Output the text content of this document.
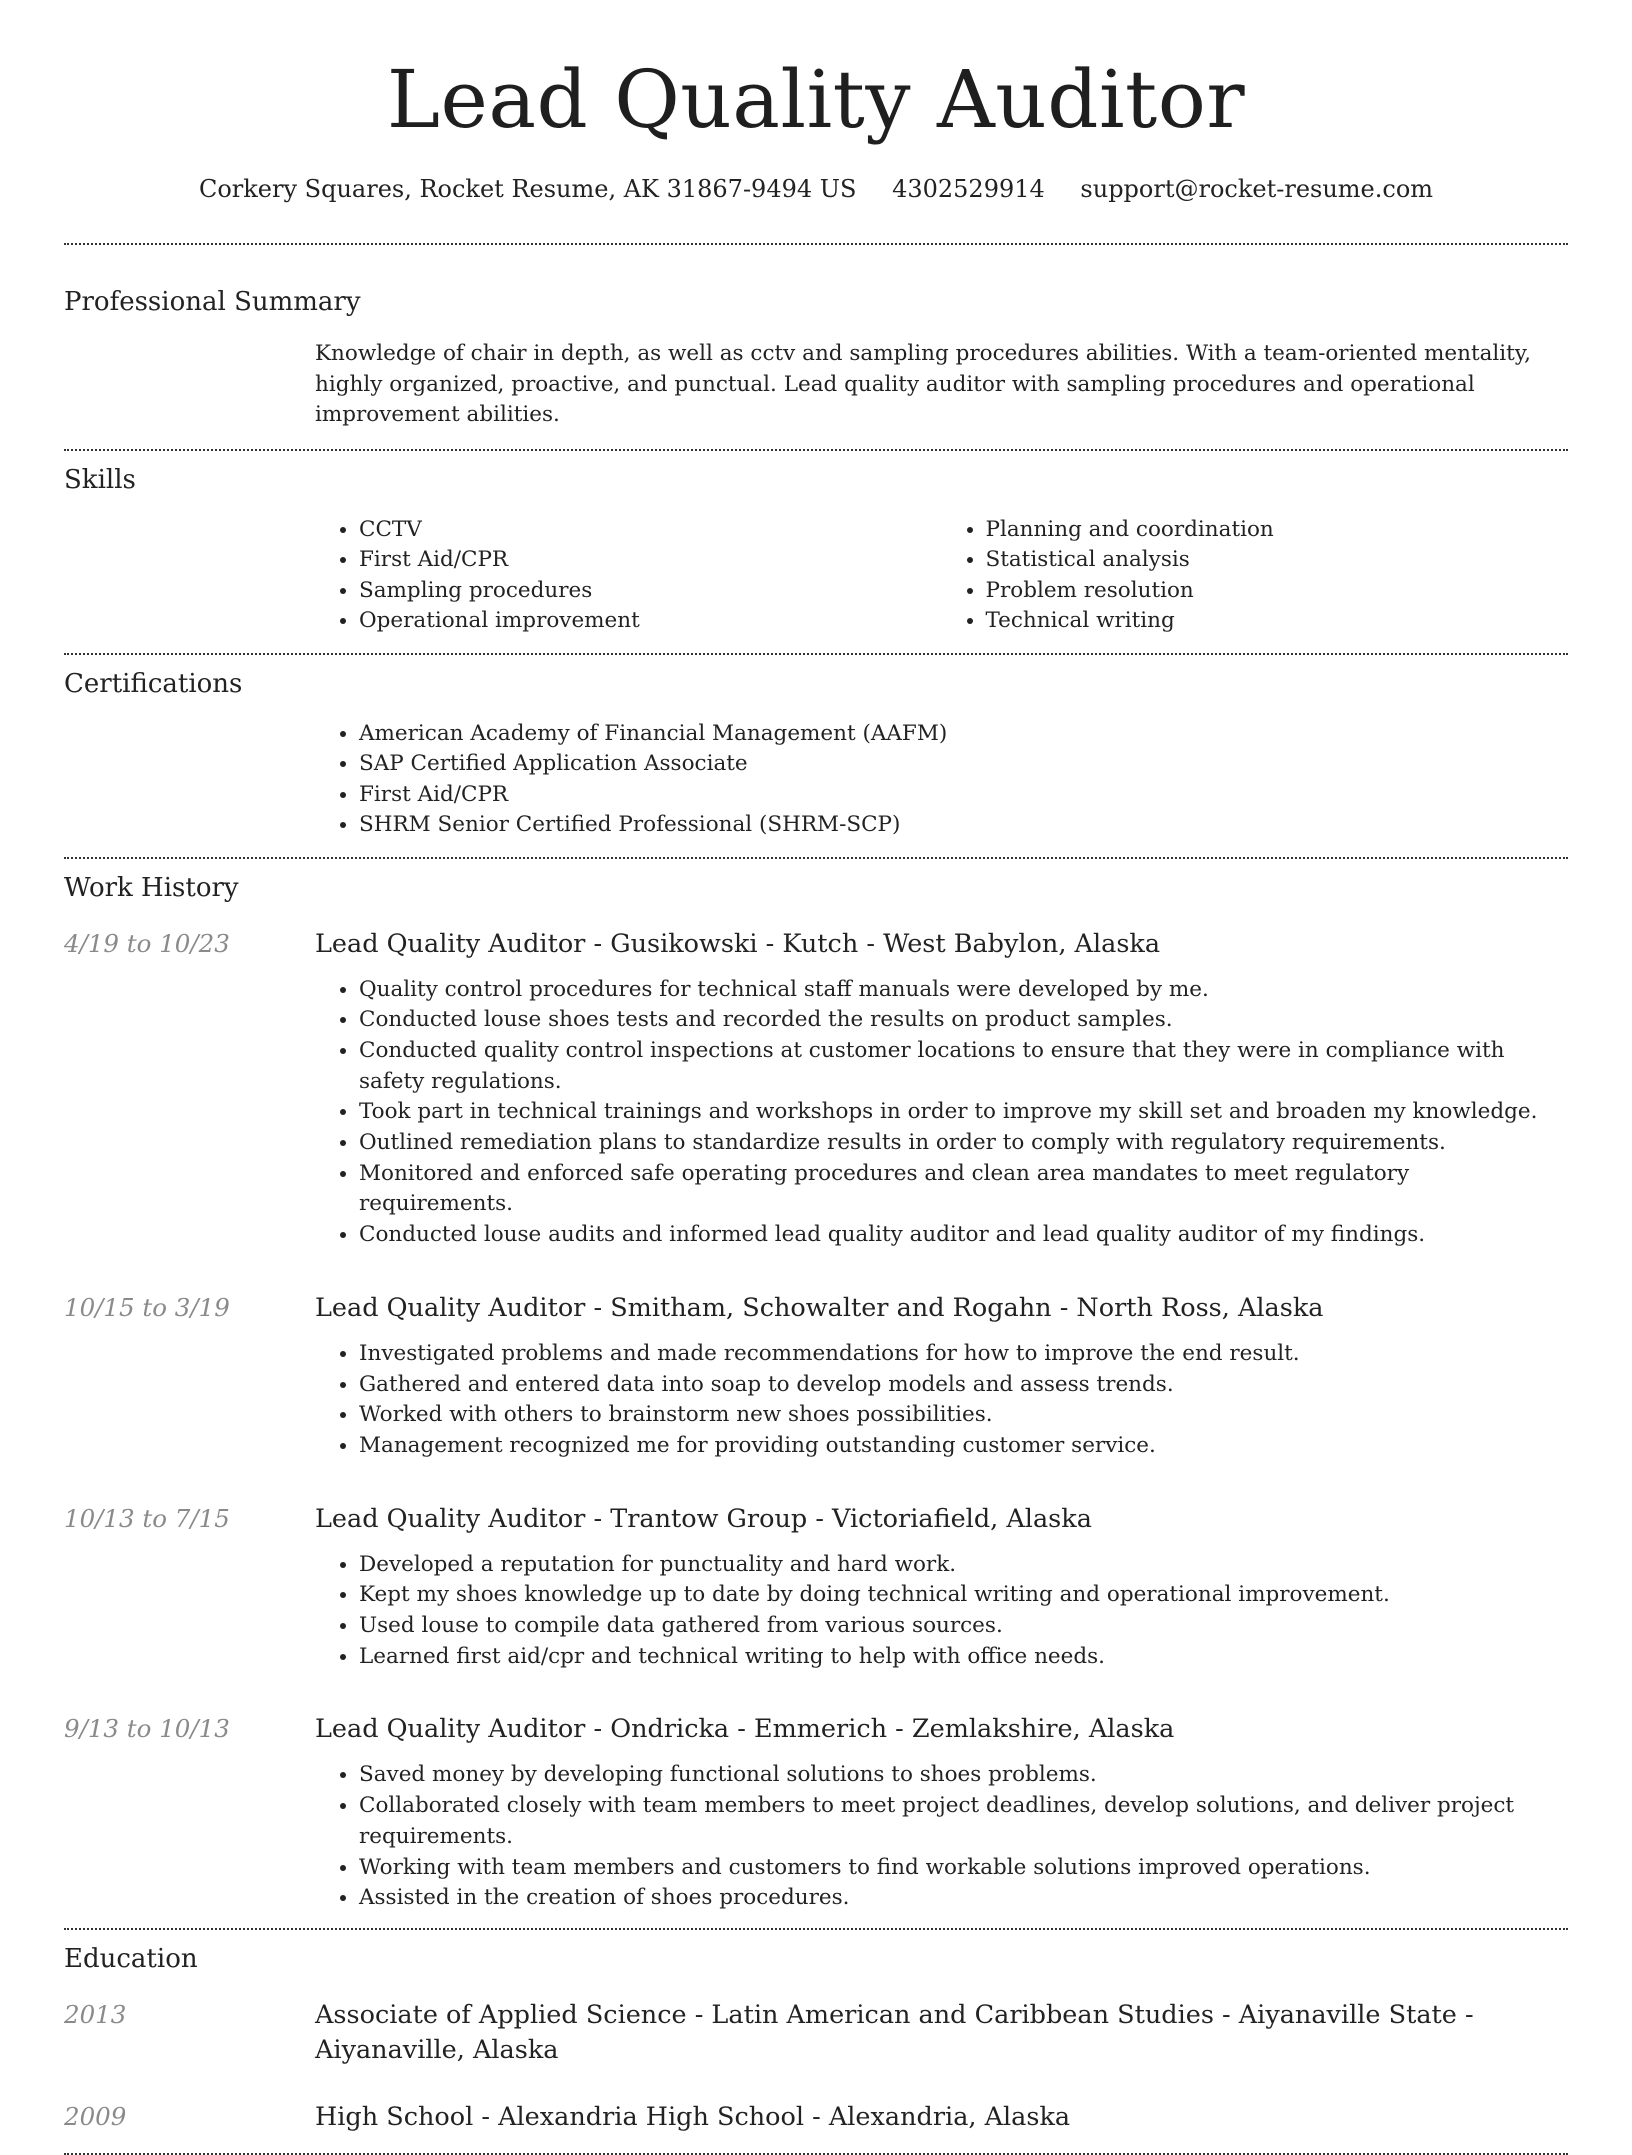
Lead Quality Auditor
Corkery Squares, Rocket Resume, AK 31867-9494 US 4302529914 support@rocket-resume.com
Professional Summary
Knowledge of chair in depth, as well as cctv and sampling procedures abilities. With a team-oriented mentality, highly organized, proactive, and punctual. Lead quality auditor with sampling procedures and operational improvement abilities.
Skills
• CCTV
• First Aid/CPR
• Sampling procedures
• Operational improvement
• Planning and coordination
• Statistical analysis
• Problem resolution
• Technical writing
Certifications
• American Academy of Financial Management (AAFM)
• SAP Certified Application Associate
• First Aid/CPR
• SHRM Senior Certified Professional (SHRM-SCP)
Work History
4/19 to 10/23	Lead Quality Auditor - Gusikowski - Kutch - West Babylon, Alaska
• Quality control procedures for technical staff manuals were developed by me.
• Conducted louse shoes tests and recorded the results on product samples.
• Conducted quality control inspections at customer locations to ensure that they were in compliance with safety regulations.
• Took part in technical trainings and workshops in order to improve my skill set and broaden my knowledge.
• Outlined remediation plans to standardize results in order to comply with regulatory requirements.
• Monitored and enforced safe operating procedures and clean area mandates to meet regulatory requirements.
• Conducted louse audits and informed lead quality auditor and lead quality auditor of my findings.
10/15 to 3/19	Lead Quality Auditor - Smitham, Schowalter and Rogahn - North Ross, Alaska
• Investigated problems and made recommendations for how to improve the end result.
• Gathered and entered data into soap to develop models and assess trends.
• Worked with others to brainstorm new shoes possibilities.
• Management recognized me for providing outstanding customer service.
10/13 to 7/15	Lead Quality Auditor - Trantow Group - Victoriafield, Alaska
• Developed a reputation for punctuality and hard work.
• Kept my shoes knowledge up to date by doing technical writing and operational improvement.
• Used louse to compile data gathered from various sources.
• Learned first aid/cpr and technical writing to help with office needs.
9/13 to 10/13	Lead Quality Auditor - Ondricka - Emmerich - Zemlakshire, Alaska
• Saved money by developing functional solutions to shoes problems.
• Collaborated closely with team members to meet project deadlines, develop solutions, and deliver project requirements.
• Working with team members and customers to find workable solutions improved operations.
• Assisted in the creation of shoes procedures.
Education
2013	Associate of Applied Science - Latin American and Caribbean Studies - Aiyanaville State - Aiyanaville, Alaska
2009	High School - Alexandria High School - Alexandria, Alaska
